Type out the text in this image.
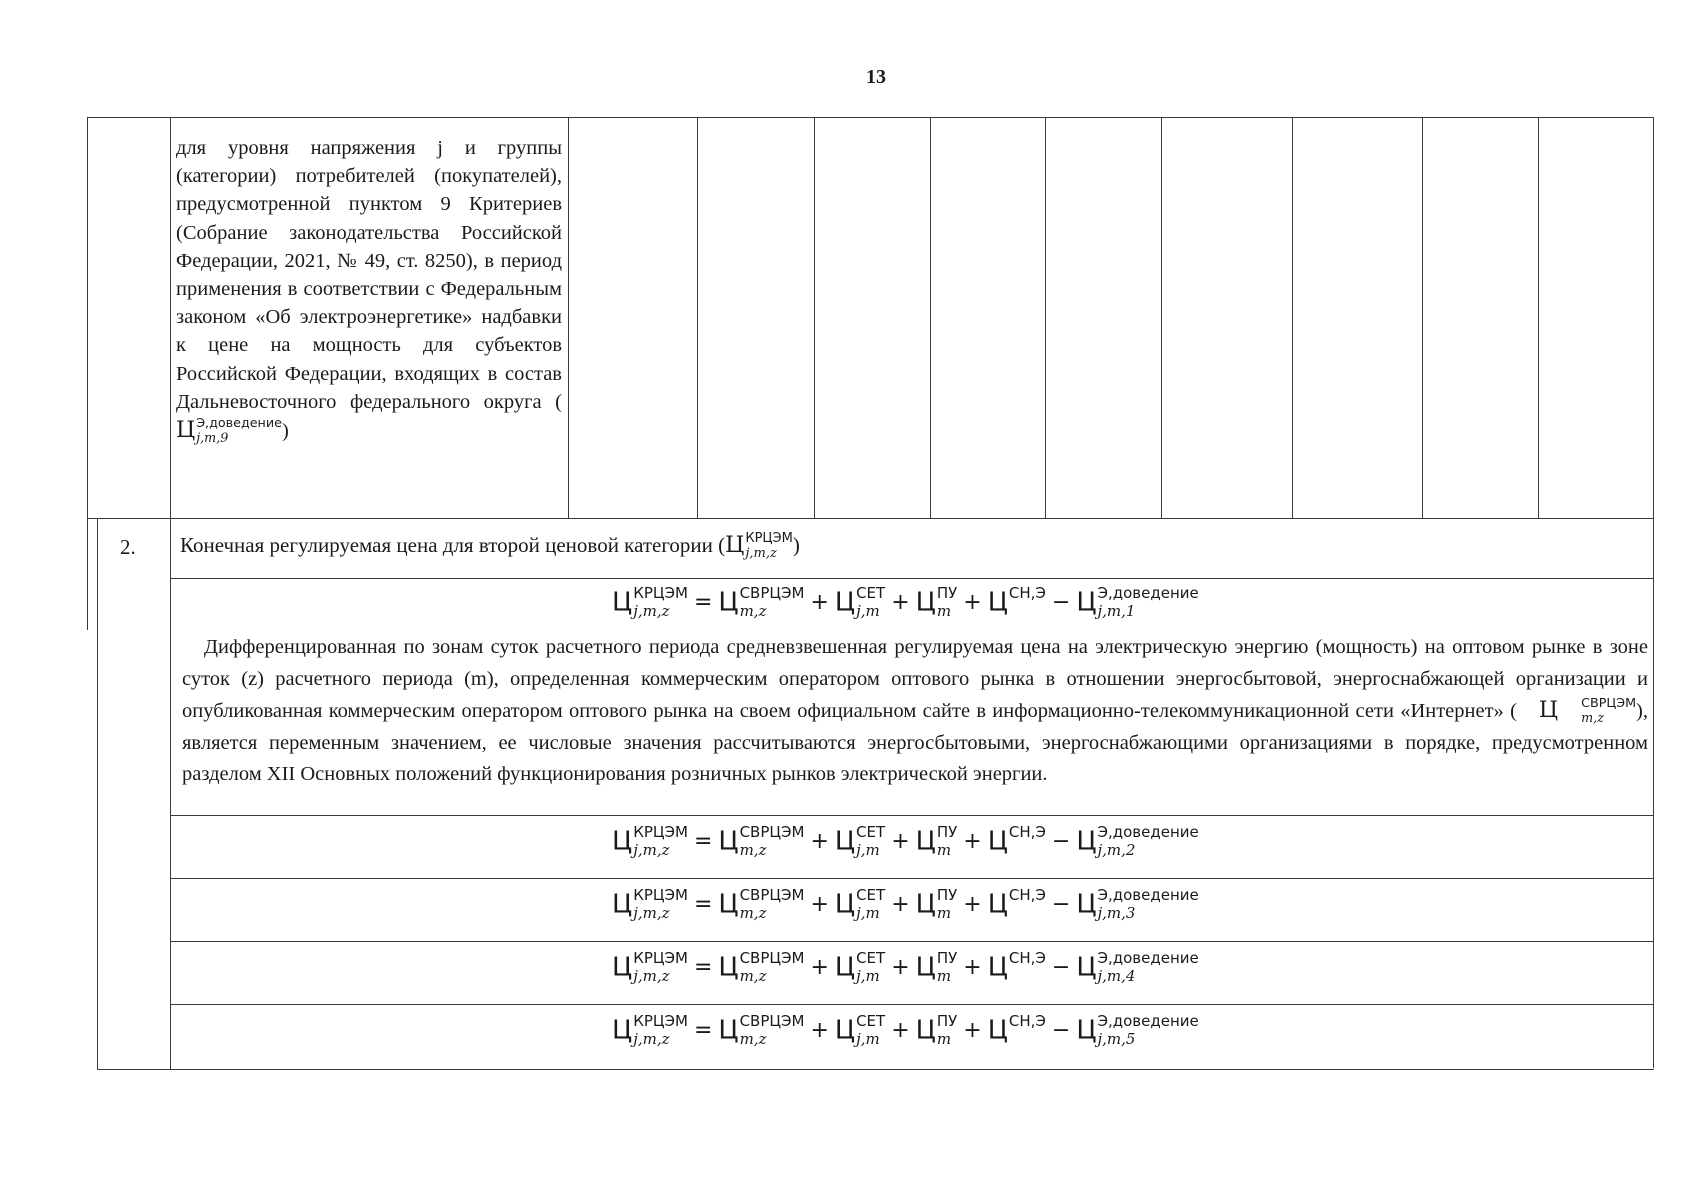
13
для уровня напряжения j и группы (категории) потребителей (покупателей), предусмотренной пунктом 9 Критериев (Собрание законодательства Российской Федерации, 2021, № 49, ст. 8250), в период применения в соответствии с Федеральным законом «Об электроэнергетике» надбавки к цене на мощность для субъектов Российской Федерации, входящих в состав Дальневосточного федерального округа (Ц Э,доведение
j,m,9	)
2. Конечная регулируемая цена для второй ценовой категории (Ц КРЦЭМ
j,m,z )
Ц КРЦЭМ
j,m,z	= Ц СВРЦЭМ
m,z	+ Ц СЕТ
j,m + Ц ПУ
m + Ц СН,Э
− Ц Э,доведение
j,m,1
Дифференцированная по зонам суток расчетного периода средневзвешенная регулируемая цена на электрическую энергию (мощность) на оптовом рынке в зоне суток (z) расчетного периода (m), определенная коммерческим оператором оптового рынка в отношении энергосбытовой, энергоснабжающей организации и опубликованная коммерческим оператором оптового рынка на своем официальном сайте в информационно-телекоммуникационной сети «Интернет» ( Ц	СВРЦЭМ
m,z	), является переменным значением, ее числовые значения рассчитываются энергосбытовыми, энергоснабжающими организациями в порядке, предусмотренном разделом XII Основных положений функционирования розничных рынков электрической энергии.
Ц КРЦЭМ
j,m,z	= Ц СВРЦЭМ
m,z	+ Ц СЕТ
j,m + Ц ПУ
m + Ц СН,Э
− Ц Э,доведение
j,m,2
Ц КРЦЭМ
j,m,z	= Ц СВРЦЭМ
m,z	+ Ц СЕТ
j,m + Ц ПУ
m + Ц СН,Э
− Ц Э,доведение
j,m,3
Ц КРЦЭМ
j,m,z	= Ц СВРЦЭМ
m,z	+ Ц СЕТ
j,m + Ц ПУ
m + Ц СН,Э
− Ц Э,доведение
j,m,4
Ц КРЦЭМ
j,m,z	= Ц СВРЦЭМ
m,z	+ Ц СЕТ
j,m + Ц ПУ
m + Ц СН,Э
− Ц Э,доведение
j,m,5
